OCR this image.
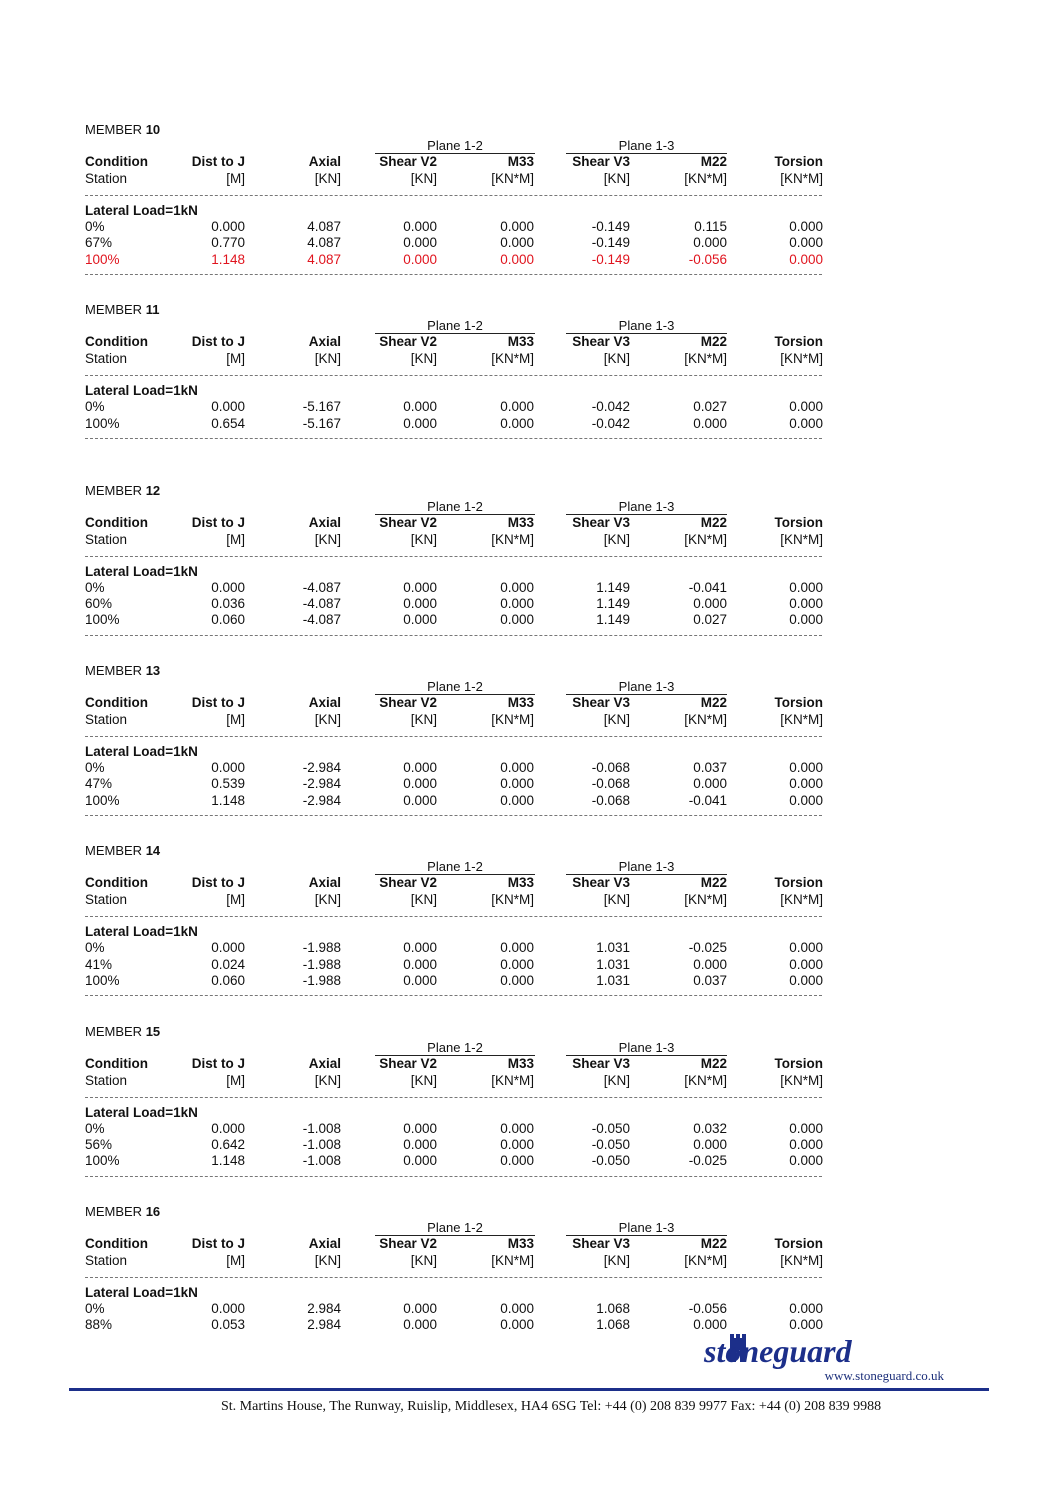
MEMBER 10
Plane 1-2	Plane 1-3
Condition	Dist to J	Axial	Shear V2	M33	Shear V3	M22	Torsion
Station	[M]	[KN]	[KN]	[KN*M]	[KN]	[KN*M]	[KN*M]
Lateral Load=1kN
0%	0.000	4.087	0.000	0.000	-0.149	0.115	0.000
67%	0.770	4.087	0.000	0.000	-0.149	0.000	0.000
100%	1.148	4.087	0.000	0.000	-0.149	-0.056	0.000
MEMBER 11
Plane 1-2	Plane 1-3
Condition	Dist to J	Axial	Shear V2	M33	Shear V3	M22	Torsion
Station	[M]	[KN]	[KN]	[KN*M]	[KN]	[KN*M]	[KN*M]
Lateral Load=1kN
0%	0.000	-5.167	0.000	0.000	-0.042	0.027	0.000
100%	0.654	-5.167	0.000	0.000	-0.042	0.000	0.000
MEMBER 12
Plane 1-2	Plane 1-3
Condition	Dist to J	Axial	Shear V2	M33	Shear V3	M22	Torsion
Station	[M]	[KN]	[KN]	[KN*M]	[KN]	[KN*M]	[KN*M]
Lateral Load=1kN
0%	0.000	-4.087	0.000	0.000	1.149	-0.041	0.000
60%	0.036	-4.087	0.000	0.000	1.149	0.000	0.000
100%	0.060	-4.087	0.000	0.000	1.149	0.027	0.000
MEMBER 13
Plane 1-2	Plane 1-3
Condition	Dist to J	Axial	Shear V2	M33	Shear V3	M22	Torsion
Station	[M]	[KN]	[KN]	[KN*M]	[KN]	[KN*M]	[KN*M]
Lateral Load=1kN
0%	0.000	-2.984	0.000	0.000	-0.068	0.037	0.000
47%	0.539	-2.984	0.000	0.000	-0.068	0.000	0.000
100%	1.148	-2.984	0.000	0.000	-0.068	-0.041	0.000
MEMBER 14
Plane 1-2	Plane 1-3
Condition	Dist to J	Axial	Shear V2	M33	Shear V3	M22	Torsion
Station	[M]	[KN]	[KN]	[KN*M]	[KN]	[KN*M]	[KN*M]
Lateral Load=1kN
0%	0.000	-1.988	0.000	0.000	1.031	-0.025	0.000
41%	0.024	-1.988	0.000	0.000	1.031	0.000	0.000
100%	0.060	-1.988	0.000	0.000	1.031	0.037	0.000
MEMBER 15
Plane 1-2	Plane 1-3
Condition	Dist to J	Axial	Shear V2	M33	Shear V3	M22	Torsion
Station	[M]	[KN]	[KN]	[KN*M]	[KN]	[KN*M]	[KN*M]
Lateral Load=1kN
0%	0.000	-1.008	0.000	0.000	-0.050	0.032	0.000
56%	0.642	-1.008	0.000	0.000	-0.050	0.000	0.000
100%	1.148	-1.008	0.000	0.000	-0.050	-0.025	0.000
MEMBER 16
Plane 1-2	Plane 1-3
Condition	Dist to J	Axial	Shear V2	M33	Shear V3	M22	Torsion
Station	[M]	[KN]	[KN]	[KN*M]	[KN]	[KN*M]	[KN*M]
Lateral Load=1kN
0%	0.000	2.984	0.000	0.000	1.068	-0.056	0.000
88%	0.053	2.984	0.000	0.000	1.068	0.000	0.000
stoneguard
www.stoneguard.co.uk
St. Martins House, The Runway, Ruislip, Middlesex, HA4 6SG Tel: +44 (0) 208 839 9977 Fax: +44 (0) 208 839 9988
